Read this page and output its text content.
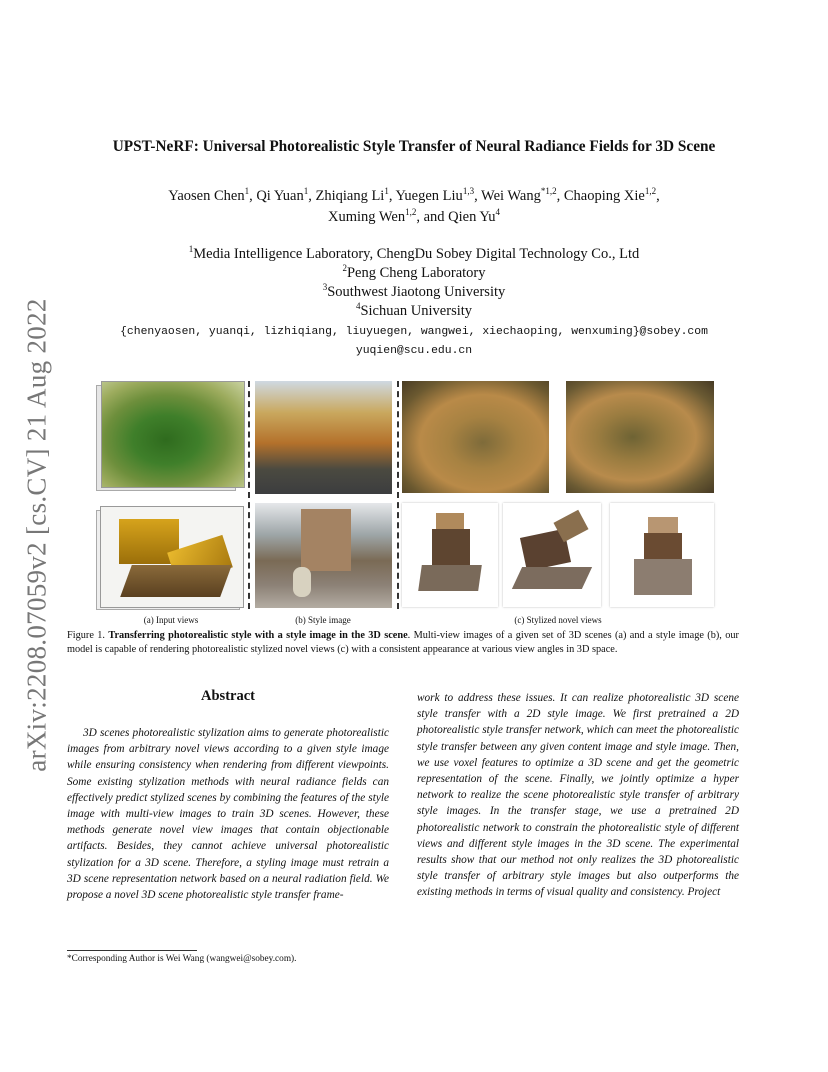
arXiv:2208.07059v2 [cs.CV] 21 Aug 2022
UPST-NeRF: Universal Photorealistic Style Transfer of Neural Radiance Fields for 3D Scene
Yaosen Chen$^1$, Qi Yuan$^1$, Zhiqiang Li$^1$, Yuegen Liu$^{1,3}$, Wei Wang$^{*1,2}$, Chaoping Xie$^{1,2}$,
Xuming Wen$^{1,2}$, and Qien Yu$^4$
$^1$Media Intelligence Laboratory, ChengDu Sobey Digital Technology Co., Ltd
$^2$Peng Cheng Laboratory
$^3$Southwest Jiaotong University
$^4$Sichuan University
{chenyaosen, yuanqi, lizhiqiang, liuyuegen, wangwei, xiechaoping, wenxuming}@sobey.com
yuqien@scu.edu.cn
(a) Input views	(b) Style image	(c) Stylized novel views
Figure 1. Transferring photorealistic style with a style image in the 3D scene. Multi-view images of a given set of 3D scenes (a) and a style image (b), our model is capable of rendering photorealistic stylized novel views (c) with a consistent appearance at various view angles in 3D space.
Abstract
3D scenes photorealistic stylization aims to generate photorealistic images from arbitrary novel views according to a given style image while ensuring consistency when rendering from different viewpoints. Some existing stylization methods with neural radiance fields can effectively predict stylized scenes by combining the features of the style image with multi-view images to train 3D scenes. However, these methods generate novel view images that contain objectionable artifacts. Besides, they cannot achieve universal photorealistic stylization for a 3D scene. Therefore, a styling image must retrain a 3D scene representation network based on a neural radiation field. We propose a novel 3D scene photorealistic style transfer frame-
work to address these issues. It can realize photorealistic 3D scene style transfer with a 2D style image. We first pretrained a 2D photorealistic style transfer network, which can meet the photorealistic style transfer between any given content image and style image. Then, we use voxel features to optimize a 3D scene and get the geometric representation of the scene. Finally, we jointly optimize a hyper network to realize the scene photorealistic style transfer of arbitrary style images. In the transfer stage, we use a pretrained 2D photorealistic network to constrain the photorealistic style of different views and different style images in the 3D scene. The experimental results show that our method not only realizes the 3D photorealistic style transfer of arbitrary style images but also outperforms the existing methods in terms of visual quality and consistency. Project
*Corresponding Author is Wei Wang (wangwei@sobey.com).
